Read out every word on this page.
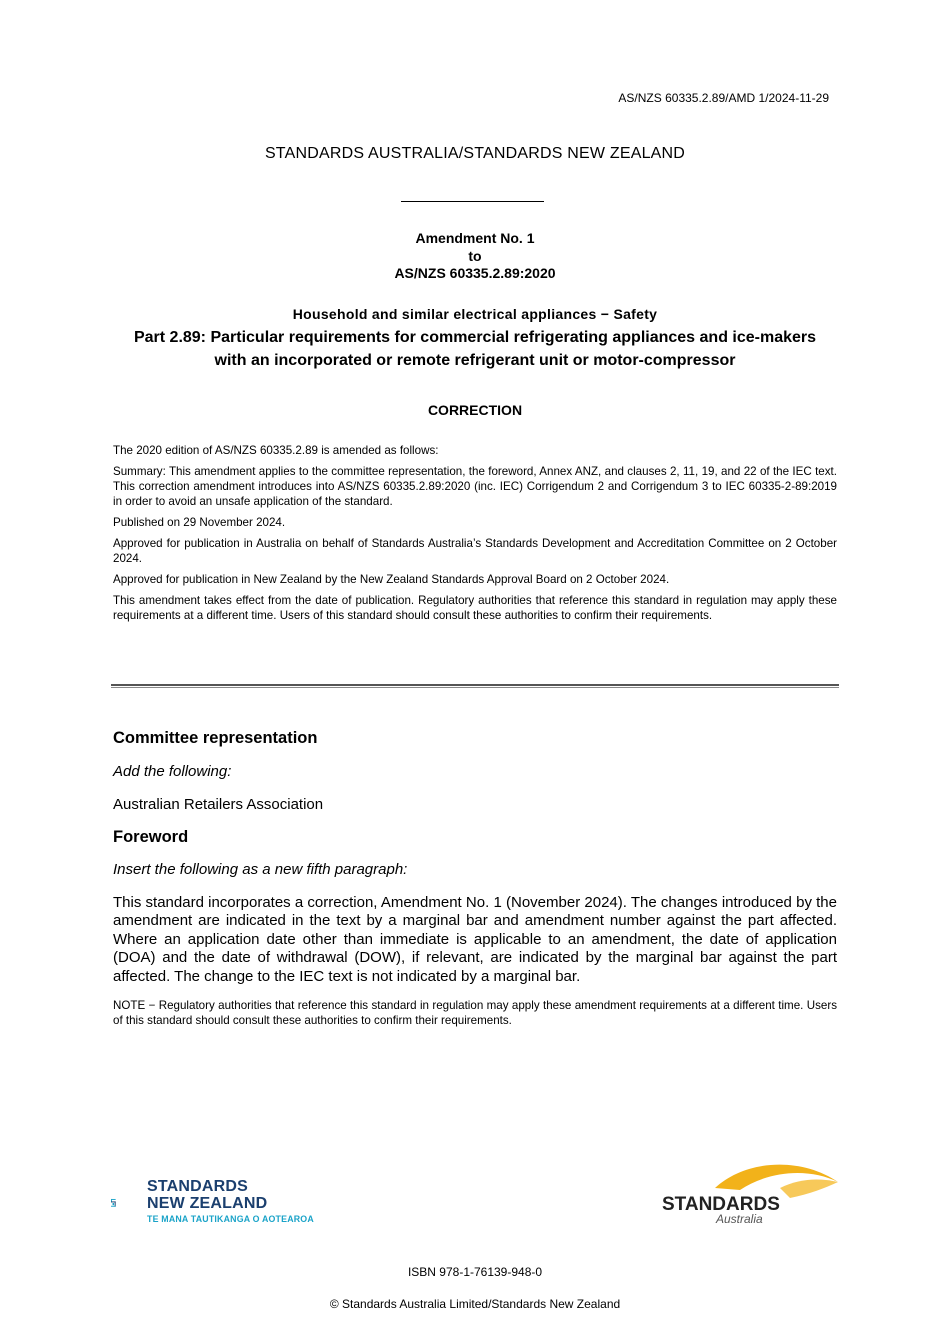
AS/NZS 60335.2.89/AMD 1/2024-11-29
STANDARDS AUSTRALIA/STANDARDS NEW ZEALAND
Amendment No. 1
to
AS/NZS 60335.2.89:2020
Household and similar electrical appliances − Safety
Part 2.89: Particular requirements for commercial refrigerating appliances and ice-makers
with an incorporated or remote refrigerant unit or motor-compressor
CORRECTION

The 2020 edition of AS/NZS 60335.2.89 is amended as follows:

Summary: This amendment applies to the committee representation, the foreword, Annex ANZ, and clauses 2, 11, 19, and 22 of the IEC text. This correction amendment introduces into AS/NZS 60335.2.89:2020 (inc. IEC) Corrigendum 2 and Corrigendum 3 to IEC 60335-2-89:2019 in order to avoid an unsafe application of the standard.

Published on 29 November 2024.

Approved for publication in Australia on behalf of Standards Australia’s Standards Development and Accreditation Committee on 2 October 2024.

Approved for publication in New Zealand by the New Zealand Standards Approval Board on 2 October 2024.

This amendment takes effect from the date of publication. Regulatory authorities that reference this standard in regulation may apply these requirements at a different time. Users of this standard should consult these authorities to confirm their requirements.

Committee representation

Add the following:

Australian Retailers Association

Foreword

Insert the following as a new fifth paragraph:

This standard incorporates a correction, Amendment No. 1 (November 2024). The changes introduced by the amendment are indicated in the text by a marginal bar and amendment number against the part affected. Where an application date other than immediate is applicable to an amendment, the date of application (DOA) and the date of withdrawal (DOW), if relevant, are indicated by the marginal bar against the part affected. The change to the IEC text is not indicated by a marginal bar.

NOTE − Regulatory authorities that reference this standard in regulation may apply these amendment requirements at a different time. Users of this standard should consult these authorities to confirm their requirements.

STANDARDS
NEW ZEALAND
TE MANA TAUTIKANGA O AOTEAROA
STANDARDS
Australia
ISBN 978-1-76139-948-0
© Standards Australia Limited/Standards New Zealand
